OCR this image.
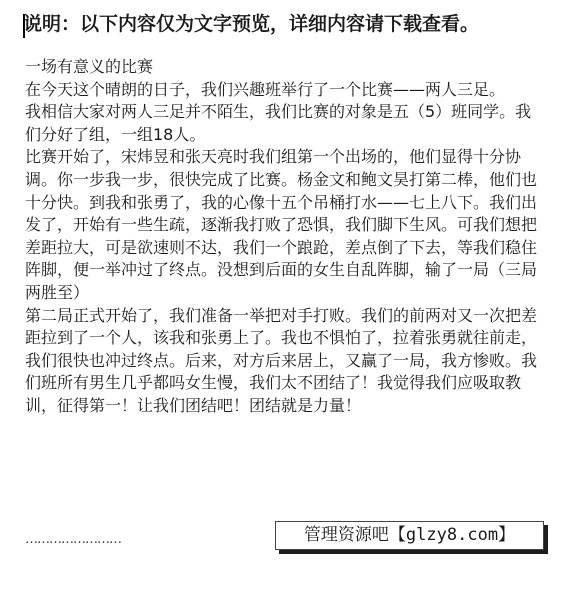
说明：以下内容仅为文字预览，详细内容请下载查看。

一场有意义的比赛

在今天这个晴朗的日子，我们兴趣班举行了一个比赛——两人三足。

我相信大家对两人三足并不陌生，我们比赛的对象是五（5）班同学。我们分好了组，一组18人。

比赛开始了，宋炜昱和张天亮时我们组第一个出场的，他们显得十分协调。你一步我一步，很快完成了比赛。杨金文和鲍文昊打第二棒，他们也十分快。到我和张勇了，我的心像十五个吊桶打水——七上八下。我们出发了，开始有一些生疏，逐渐我打败了恐惧，我们脚下生风。可我们想把差距拉大，可是欲速则不达，我们一个踉跄，差点倒了下去，等我们稳住阵脚，便一举冲过了终点。没想到后面的女生自乱阵脚，输了一局（三局两胜至）

第二局正式开始了，我们准备一举把对手打败。我们的前两对又一次把差距拉到了一个人，该我和张勇上了。我也不惧怕了，拉着张勇就往前走，我们很快也冲过终点。后来，对方后来居上，又赢了一局，我方惨败。我们班所有男生几乎都吗女生慢，我们太不团结了！我觉得我们应吸取教训，征得第一！让我们团结吧！团结就是力量！

……………………	管理资源吧【glzy8.com】
